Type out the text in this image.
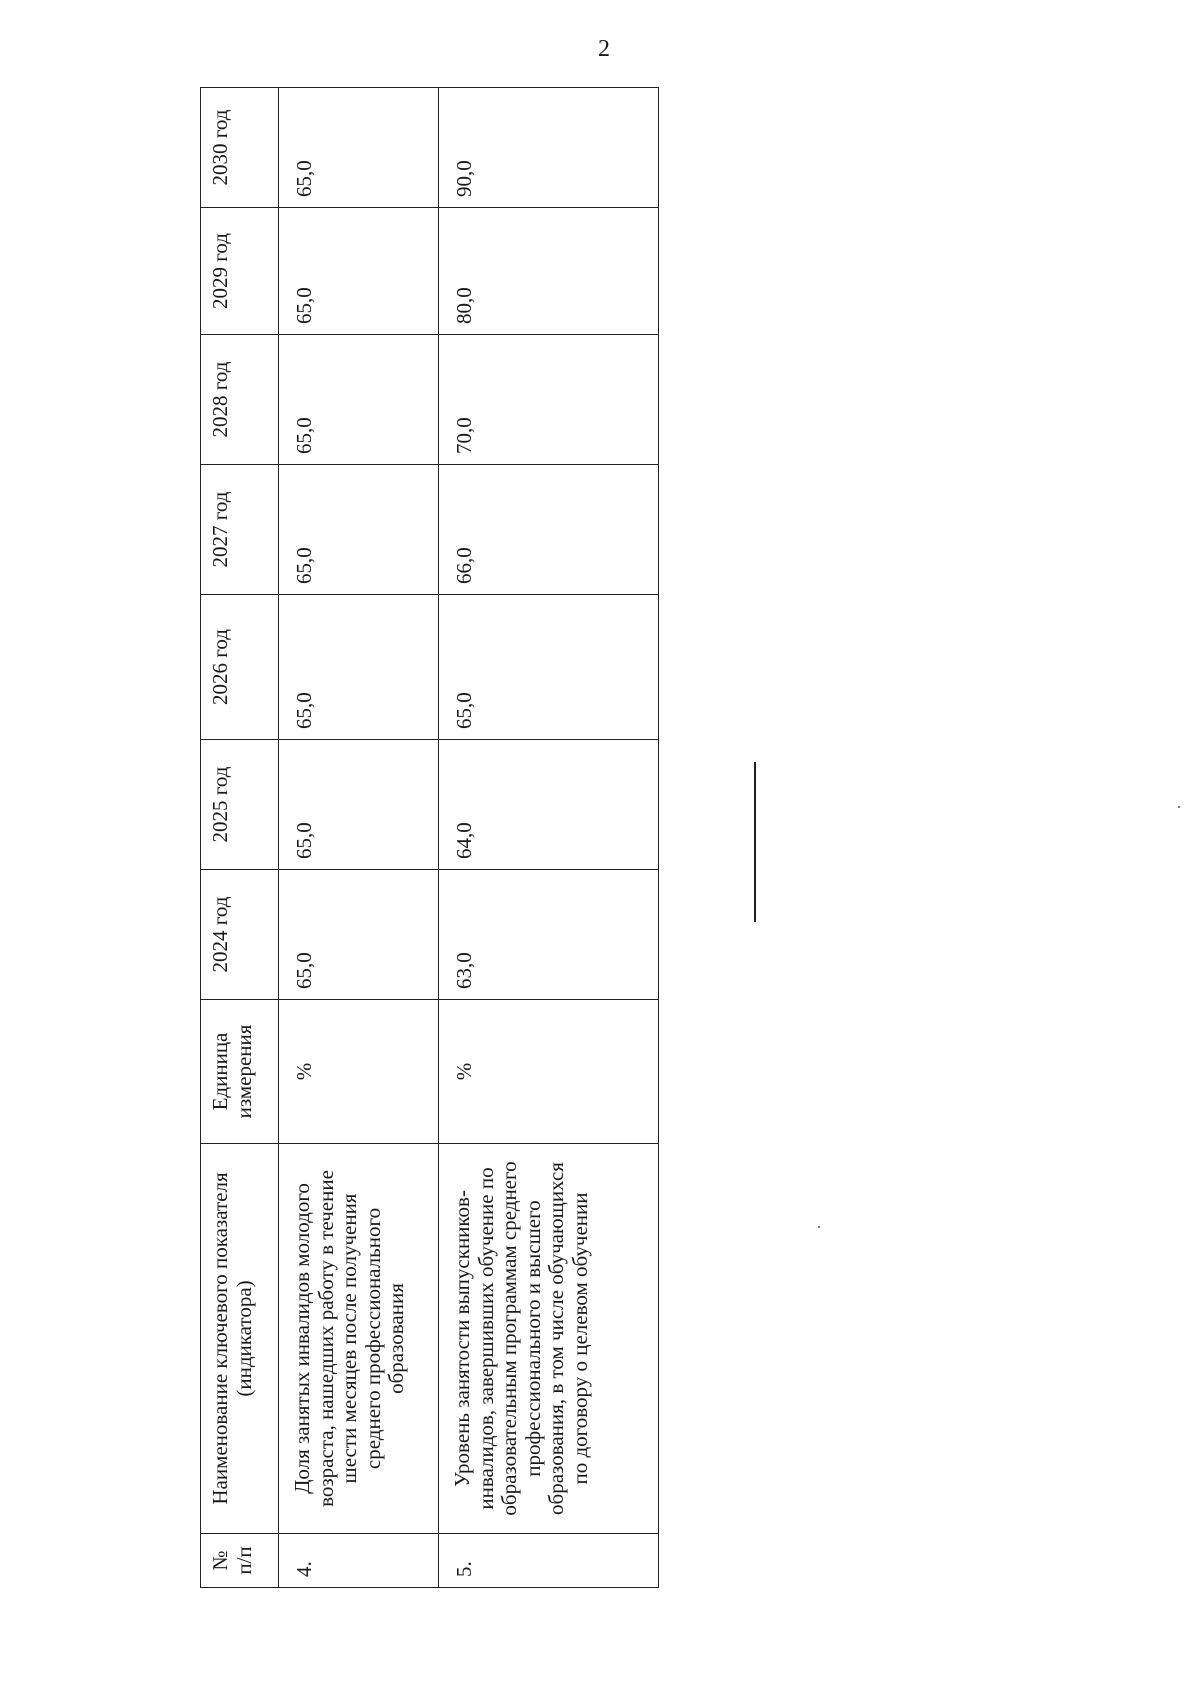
2
№ п/п	Наименование ключевого показателя (индикатора)	Единица измерения	2024 год	2025 год	2026 год	2027 год	2028 год	2029 год	2030 год
4.	Доля занятых инвалидов молодого возраста, нашедших работу в течение шести месяцев после получения среднего профессионального образования	%	65,0	65,0	65,0	65,0	65,0	65,0	65,0
5.	Уровень занятости выпускников-инвалидов, завершивших обучение по образовательным программам среднего профессионального и высшего образования, в том числе обучающихся по договору о целевом обучении	%	63,0	64,0	65,0	66,0	70,0	80,0	90,0
